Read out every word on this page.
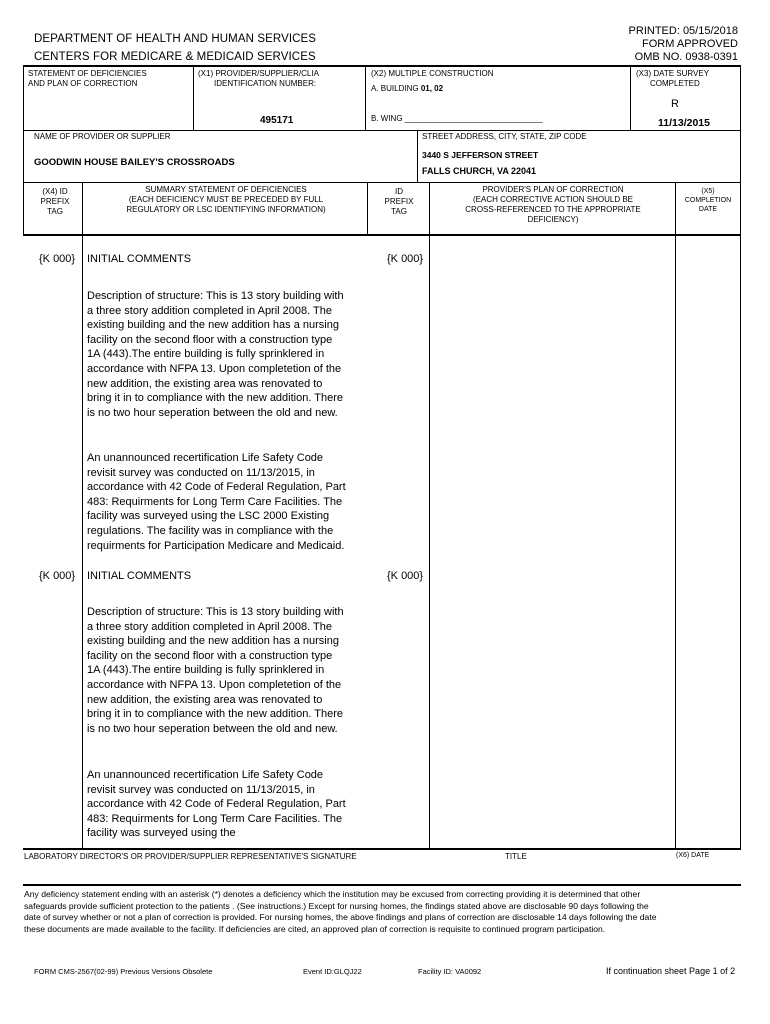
PRINTED: 05/15/2018
FORM APPROVED
OMB NO. 0938-0391
DEPARTMENT OF HEALTH AND HUMAN SERVICES
CENTERS FOR MEDICARE & MEDICAID SERVICES
STATEMENT OF DEFICIENCIES
AND PLAN OF CORRECTION
(X1) PROVIDER/SUPPLIER/CLIA
IDENTIFICATION NUMBER:
495171
(X2) MULTIPLE CONSTRUCTION
A. BUILDING 01, 02
B. WING _______________________________
(X3) DATE SURVEY
COMPLETED
R
11/13/2015
NAME OF PROVIDER OR SUPPLIER
GOODWIN HOUSE BAILEY'S CROSSROADS
STREET ADDRESS, CITY, STATE, ZIP CODE
3440 S JEFFERSON STREET
FALLS CHURCH, VA 22041
(X4) ID
PREFIX
TAG
SUMMARY STATEMENT OF DEFICIENCIES
(EACH DEFICIENCY MUST BE PRECEDED BY FULL
REGULATORY OR LSC IDENTIFYING INFORMATION)
ID
PREFIX
TAG
PROVIDER'S PLAN OF CORRECTION
(EACH CORRECTIVE ACTION SHOULD BE
CROSS-REFERENCED TO THE APPROPRIATE
DEFICIENCY)
(X5)
COMPLETION
DATE
{K 000} INITIAL COMMENTS	{K 000}
Description of structure: This is 13 story building with a three story addition completed in April 2008. The existing building and the new addition has a nursing facility on the second floor with a construction type 1A (443).The entire building is fully sprinklered in accordance with NFPA 13. Upon completetion of the new addition, the existing area was renovated to bring it in to compliance with the new addition. There is no two hour seperation between the old and new.
An unannounced recertification Life Safety Code revisit survey was conducted on 11/13/2015, in accordance with 42 Code of Federal Regulation, Part 483: Requirments for Long Term Care Facilities. The facility was surveyed using the LSC 2000 Existing regulations. The facility was in compliance with the requirments for Participation Medicare and Medicaid.
{K 000} INITIAL COMMENTS	{K 000}
Description of structure: This is 13 story building with a three story addition completed in April 2008. The existing building and the new addition has a nursing facility on the second floor with a construction type 1A (443).The entire building is fully sprinklered in accordance with NFPA 13. Upon completetion of the new addition, the existing area was renovated to bring it in to compliance with the new addition. There is no two hour seperation between the old and new.
An unannounced recertification Life Safety Code revisit survey was conducted on 11/13/2015, in accordance with 42 Code of Federal Regulation, Part 483: Requirments for Long Term Care Facilities. The facility was surveyed using the
LABORATORY DIRECTOR'S OR PROVIDER/SUPPLIER REPRESENTATIVE'S SIGNATURE	TITLE	(X6) DATE
Any deficiency statement ending with an asterisk (*) denotes a deficiency which the institution may be excused from correcting providing it is determined that other safeguards provide sufficient protection to the patients . (See instructions.) Except for nursing homes, the findings stated above are disclosable 90 days following the date of survey whether or not a plan of correction is provided. For nursing homes, the above findings and plans of correction are disclosable 14 days following the date these documents are made available to the facility. If deficiencies are cited, an approved plan of correction is requisite to continued program participation.
FORM CMS-2567(02-99) Previous Versions Obsolete	Event ID:GLQJ22	Facility ID: VA0092	If continuation sheet Page 1 of 2
